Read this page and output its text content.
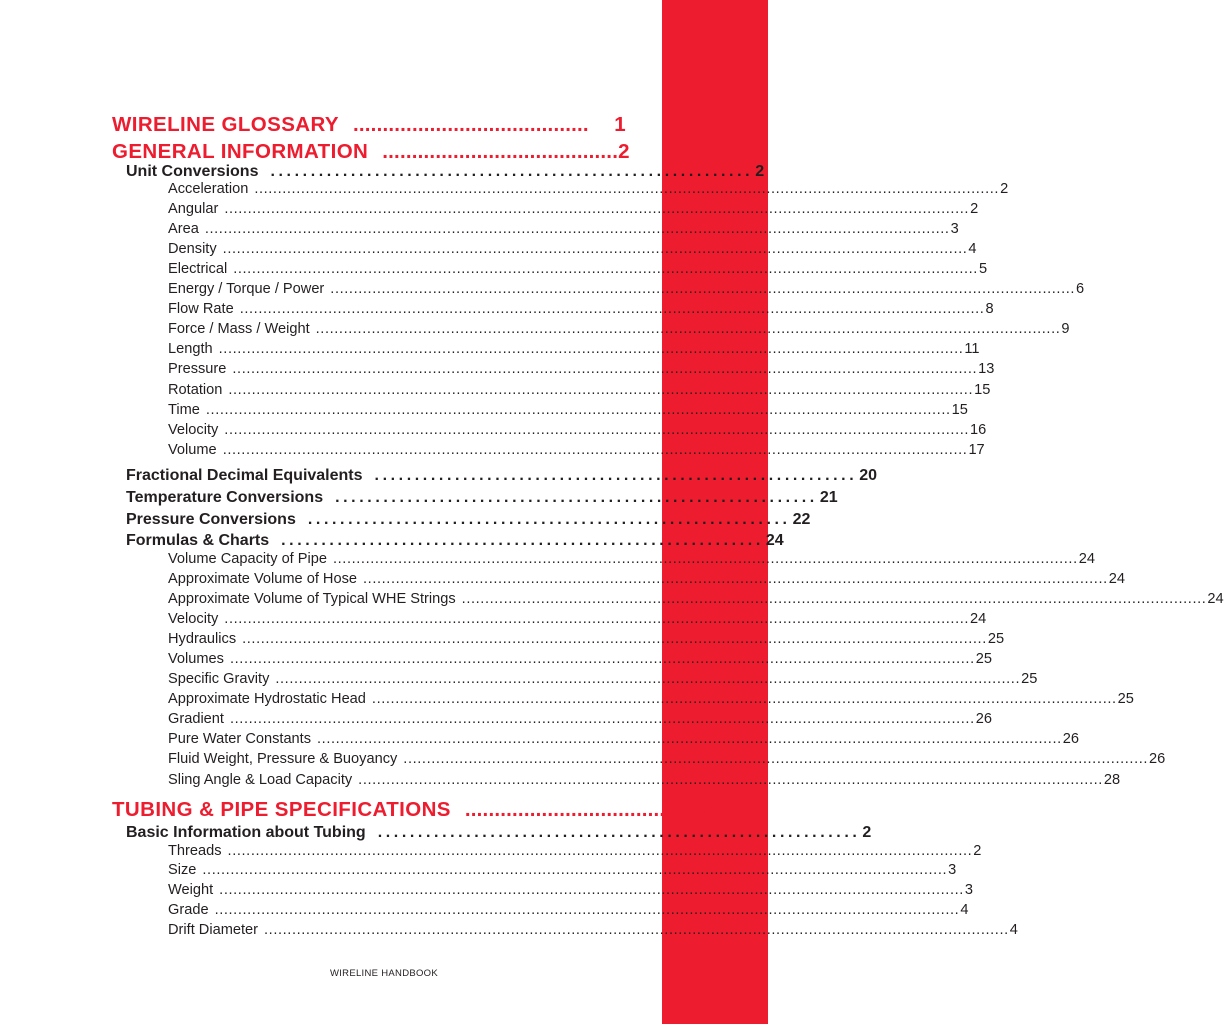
WIRELINE GLOSSARY ........................................	1
GENERAL INFORMATION ........................................ 2
Unit Conversions ............................................................ 2
Acceleration ................................................................................................................................................................ 2
Angular ................................................................................................................................................................ 2
Area ................................................................................................................................................................ 3
Density ................................................................................................................................................................ 4
Electrical ................................................................................................................................................................ 5
Energy / Torque / Power ................................................................................................................................................................ 6
Flow Rate ................................................................................................................................................................ 8
Force / Mass / Weight ................................................................................................................................................................ 9
Length ................................................................................................................................................................ 11
Pressure ................................................................................................................................................................ 13
Rotation ................................................................................................................................................................ 15
Time ................................................................................................................................................................ 15
Velocity ................................................................................................................................................................ 16
Volume ................................................................................................................................................................ 17
Fractional Decimal Equivalents ............................................................ 20
Temperature Conversions ............................................................ 21
Pressure Conversions ............................................................ 22
Formulas & Charts ............................................................ 24
Volume Capacity of Pipe ................................................................................................................................................................ 24
Approximate Volume of Hose ................................................................................................................................................................ 24
Approximate Volume of Typical WHE Strings ................................................................................................................................................................ 24
Velocity ................................................................................................................................................................ 24
Hydraulics ................................................................................................................................................................ 25
Volumes ................................................................................................................................................................ 25
Specific Gravity ................................................................................................................................................................ 25
Approximate Hydrostatic Head ................................................................................................................................................................ 25
Gradient ................................................................................................................................................................ 26
Pure Water Constants ................................................................................................................................................................ 26
Fluid Weight, Pressure & Buoyancy ................................................................................................................................................................ 26
Sling Angle & Load Capacity ................................................................................................................................................................ 28
TUBING & PIPE SPECIFICATIONS ........................................ 3
Basic Information about Tubing ............................................................ 2
Threads ................................................................................................................................................................ 2
Size ................................................................................................................................................................ 3
Weight ................................................................................................................................................................ 3
Grade ................................................................................................................................................................ 4
Drift Diameter ................................................................................................................................................................ 4
WIRELINE HANDBOOK
